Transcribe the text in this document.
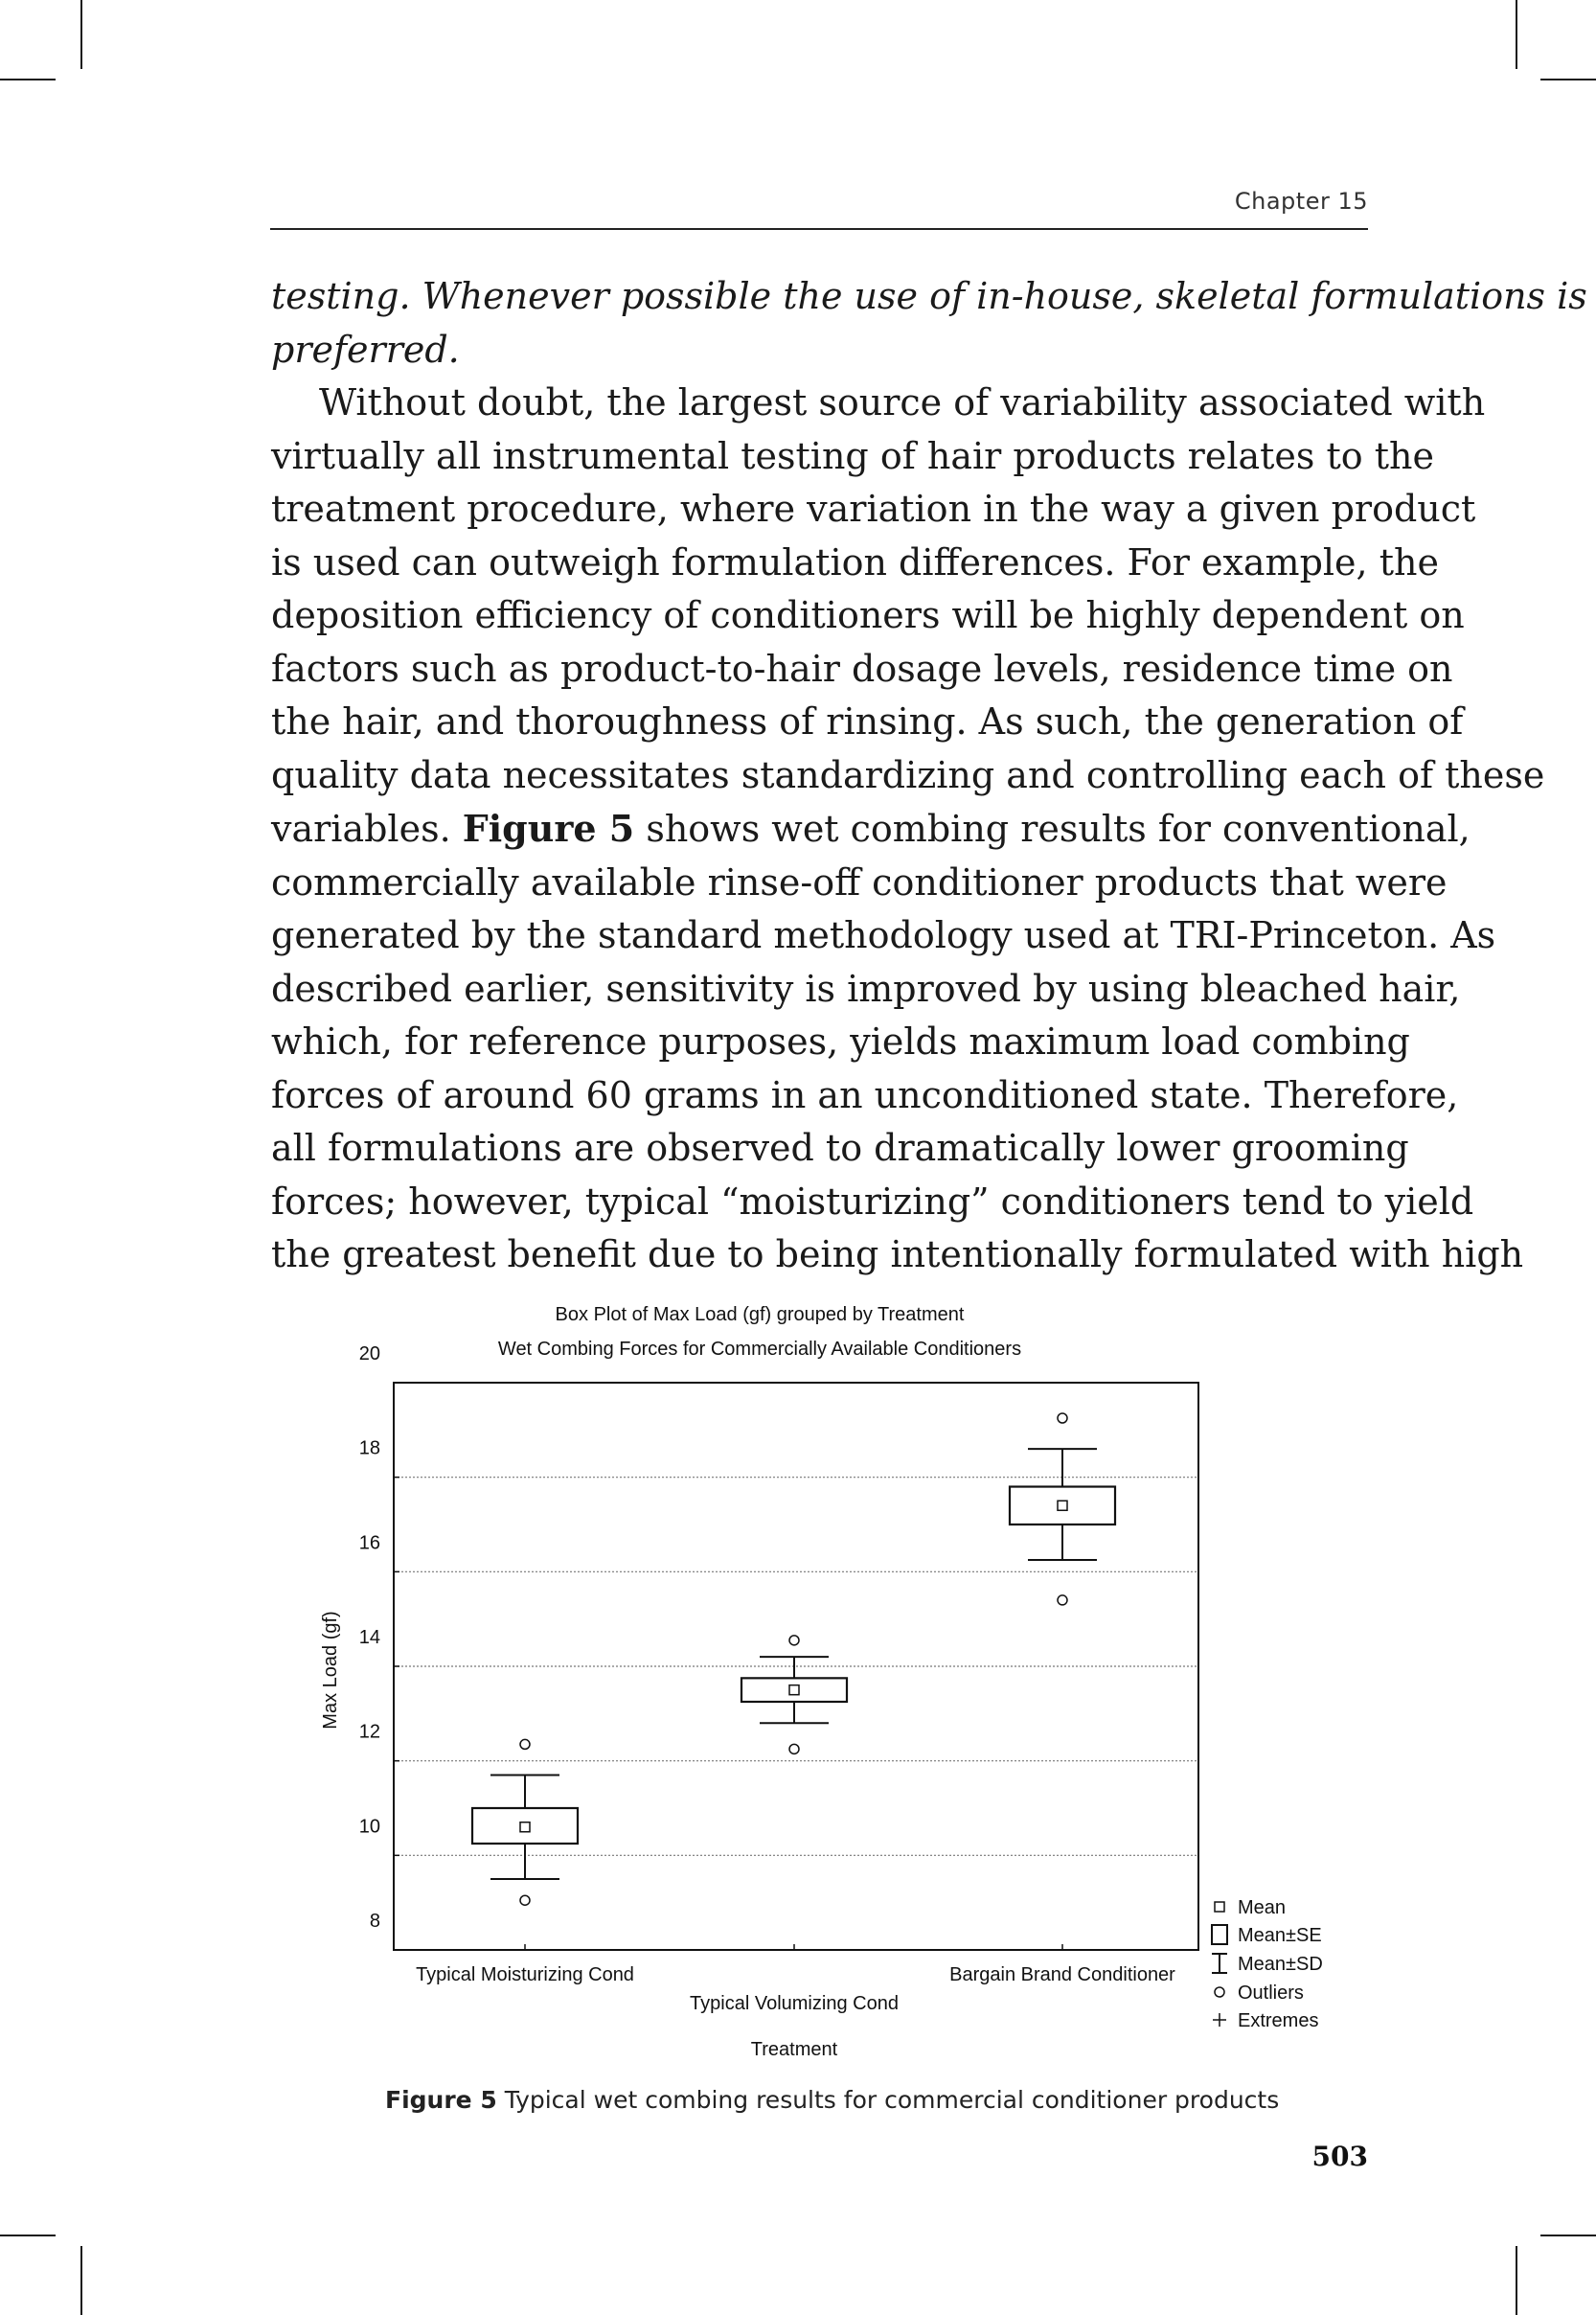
Chapter 15
testing. Whenever possible the use of in-house, skeletal formulations is
preferred.
Without doubt, the largest source of variability associated with
virtually all instrumental testing of hair products relates to the
treatment procedure, where variation in the way a given product
is used can outweigh formulation differences. For example, the
deposition efficiency of conditioners will be highly dependent on
factors such as product-to-hair dosage levels, residence time on
the hair, and thoroughness of rinsing. As such, the generation of
quality data necessitates standardizing and controlling each of these
variables. Figure 5 shows wet combing results for conventional,
commercially available rinse-off conditioner products that were
generated by the standard methodology used at TRI-Princeton. As
described earlier, sensitivity is improved by using bleached hair,
which, for reference purposes, yields maximum load combing
forces of around 60 grams in an unconditioned state. Therefore,
all formulations are observed to dramatically lower grooming
forces; however, typical “moisturizing” conditioners tend to yield
the greatest benefit due to being intentionally formulated with high
Box Plot of Max Load (gf) grouped by Treatment
Wet Combing Forces for Commercially Available Conditioners
Max Load (gf)
Treatment
8
10
12
14
16
18
20
Typical Moisturizing Cond
Typical Volumizing Cond
Bargain Brand Conditioner
Mean
Mean±SE
Mean±SD
Outliers
Extremes
Figure 5 Typical wet combing results for commercial conditioner products
503
